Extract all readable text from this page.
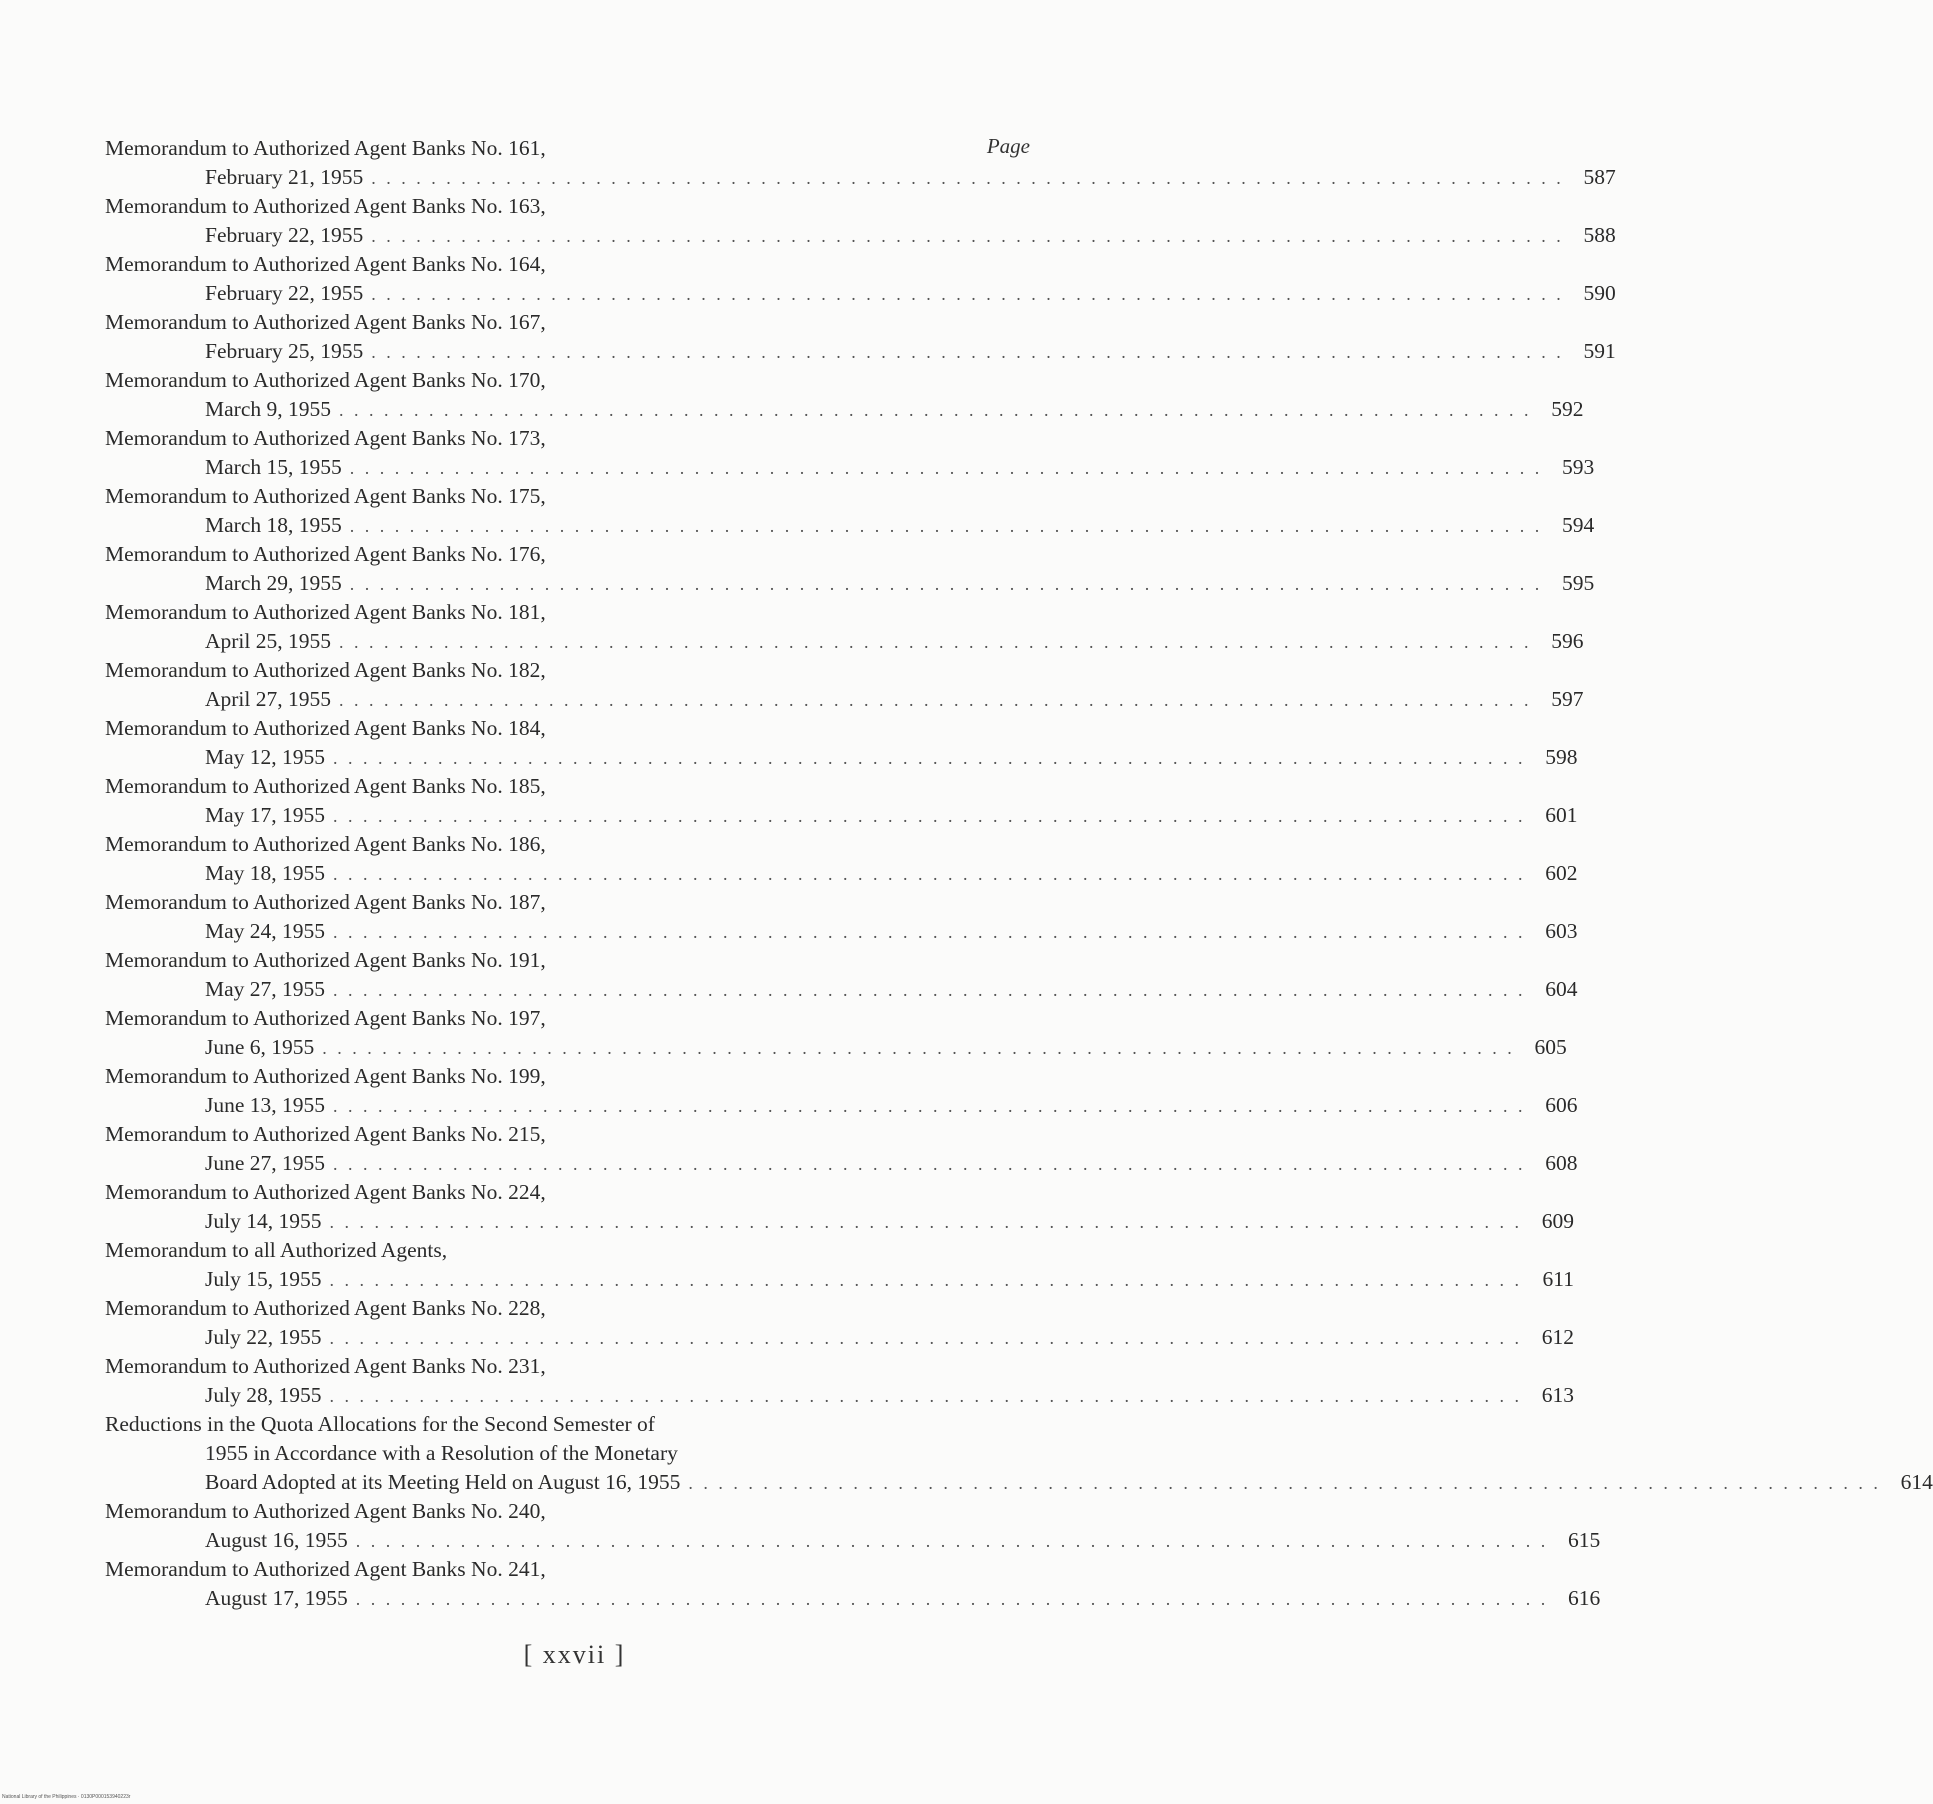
Page
Memorandum to Authorized Agent Banks No. 161,
February 21, 1955 . . . . . . . . . . . . . . . . . . . . . . . . . . . . . . . . . . . . . . . . . . . . . . . . . . . . . . . . . . . . . . . . . . . . . . . . . . . . . . . . 587
Memorandum to Authorized Agent Banks No. 163,
February 22, 1955 . . . . . . . . . . . . . . . . . . . . . . . . . . . . . . . . . . . . . . . . . . . . . . . . . . . . . . . . . . . . . . . . . . . . . . . . . . . . . . . . 588
Memorandum to Authorized Agent Banks No. 164,
February 22, 1955 . . . . . . . . . . . . . . . . . . . . . . . . . . . . . . . . . . . . . . . . . . . . . . . . . . . . . . . . . . . . . . . . . . . . . . . . . . . . . . . . 590
Memorandum to Authorized Agent Banks No. 167,
February 25, 1955 . . . . . . . . . . . . . . . . . . . . . . . . . . . . . . . . . . . . . . . . . . . . . . . . . . . . . . . . . . . . . . . . . . . . . . . . . . . . . . . . 591
Memorandum to Authorized Agent Banks No. 170,
March 9, 1955 . . . . . . . . . . . . . . . . . . . . . . . . . . . . . . . . . . . . . . . . . . . . . . . . . . . . . . . . . . . . . . . . . . . . . . . . . . . . . . . . 592
Memorandum to Authorized Agent Banks No. 173,
March 15, 1955 . . . . . . . . . . . . . . . . . . . . . . . . . . . . . . . . . . . . . . . . . . . . . . . . . . . . . . . . . . . . . . . . . . . . . . . . . . . . . . . . 593
Memorandum to Authorized Agent Banks No. 175,
March 18, 1955 . . . . . . . . . . . . . . . . . . . . . . . . . . . . . . . . . . . . . . . . . . . . . . . . . . . . . . . . . . . . . . . . . . . . . . . . . . . . . . . . 594
Memorandum to Authorized Agent Banks No. 176,
March 29, 1955 . . . . . . . . . . . . . . . . . . . . . . . . . . . . . . . . . . . . . . . . . . . . . . . . . . . . . . . . . . . . . . . . . . . . . . . . . . . . . . . . 595
Memorandum to Authorized Agent Banks No. 181,
April 25, 1955 . . . . . . . . . . . . . . . . . . . . . . . . . . . . . . . . . . . . . . . . . . . . . . . . . . . . . . . . . . . . . . . . . . . . . . . . . . . . . . . . 596
Memorandum to Authorized Agent Banks No. 182,
April 27, 1955 . . . . . . . . . . . . . . . . . . . . . . . . . . . . . . . . . . . . . . . . . . . . . . . . . . . . . . . . . . . . . . . . . . . . . . . . . . . . . . . . 597
Memorandum to Authorized Agent Banks No. 184,
May 12, 1955 . . . . . . . . . . . . . . . . . . . . . . . . . . . . . . . . . . . . . . . . . . . . . . . . . . . . . . . . . . . . . . . . . . . . . . . . . . . . . . . . 598
Memorandum to Authorized Agent Banks No. 185,
May 17, 1955 . . . . . . . . . . . . . . . . . . . . . . . . . . . . . . . . . . . . . . . . . . . . . . . . . . . . . . . . . . . . . . . . . . . . . . . . . . . . . . . . 601
Memorandum to Authorized Agent Banks No. 186,
May 18, 1955 . . . . . . . . . . . . . . . . . . . . . . . . . . . . . . . . . . . . . . . . . . . . . . . . . . . . . . . . . . . . . . . . . . . . . . . . . . . . . . . . 602
Memorandum to Authorized Agent Banks No. 187,
May 24, 1955 . . . . . . . . . . . . . . . . . . . . . . . . . . . . . . . . . . . . . . . . . . . . . . . . . . . . . . . . . . . . . . . . . . . . . . . . . . . . . . . . 603
Memorandum to Authorized Agent Banks No. 191,
May 27, 1955 . . . . . . . . . . . . . . . . . . . . . . . . . . . . . . . . . . . . . . . . . . . . . . . . . . . . . . . . . . . . . . . . . . . . . . . . . . . . . . . . 604
Memorandum to Authorized Agent Banks No. 197,
June 6, 1955 . . . . . . . . . . . . . . . . . . . . . . . . . . . . . . . . . . . . . . . . . . . . . . . . . . . . . . . . . . . . . . . . . . . . . . . . . . . . . . . . 605
Memorandum to Authorized Agent Banks No. 199,
June 13, 1955 . . . . . . . . . . . . . . . . . . . . . . . . . . . . . . . . . . . . . . . . . . . . . . . . . . . . . . . . . . . . . . . . . . . . . . . . . . . . . . . . 606
Memorandum to Authorized Agent Banks No. 215,
June 27, 1955 . . . . . . . . . . . . . . . . . . . . . . . . . . . . . . . . . . . . . . . . . . . . . . . . . . . . . . . . . . . . . . . . . . . . . . . . . . . . . . . . 608
Memorandum to Authorized Agent Banks No. 224,
July 14, 1955 . . . . . . . . . . . . . . . . . . . . . . . . . . . . . . . . . . . . . . . . . . . . . . . . . . . . . . . . . . . . . . . . . . . . . . . . . . . . . . . . 609
Memorandum to all Authorized Agents,
July 15, 1955 . . . . . . . . . . . . . . . . . . . . . . . . . . . . . . . . . . . . . . . . . . . . . . . . . . . . . . . . . . . . . . . . . . . . . . . . . . . . . . . . 611
Memorandum to Authorized Agent Banks No. 228,
July 22, 1955 . . . . . . . . . . . . . . . . . . . . . . . . . . . . . . . . . . . . . . . . . . . . . . . . . . . . . . . . . . . . . . . . . . . . . . . . . . . . . . . . 612
Memorandum to Authorized Agent Banks No. 231,
July 28, 1955 . . . . . . . . . . . . . . . . . . . . . . . . . . . . . . . . . . . . . . . . . . . . . . . . . . . . . . . . . . . . . . . . . . . . . . . . . . . . . . . . 613
Reductions in the Quota Allocations for the Second Semester of
1955 in Accordance with a Resolution of the Monetary
Board Adopted at its Meeting Held on August 16, 1955 . . . . . . . . . . . . . . . . . . . . . . . . . . . . . . . . . . . . . . . . . . . . . . . . . . . . . . . . . . . . . . . . . . . . . . . . . . . . . . . . 614
Memorandum to Authorized Agent Banks No. 240,
August 16, 1955 . . . . . . . . . . . . . . . . . . . . . . . . . . . . . . . . . . . . . . . . . . . . . . . . . . . . . . . . . . . . . . . . . . . . . . . . . . . . . . . . 615
Memorandum to Authorized Agent Banks No. 241,
August 17, 1955 . . . . . . . . . . . . . . . . . . . . . . . . . . . . . . . . . . . . . . . . . . . . . . . . . . . . . . . . . . . . . . . . . . . . . . . . . . . . . . . . 616
[ xxvii ]
National Library of the Philippines · 0130P000153940223r
